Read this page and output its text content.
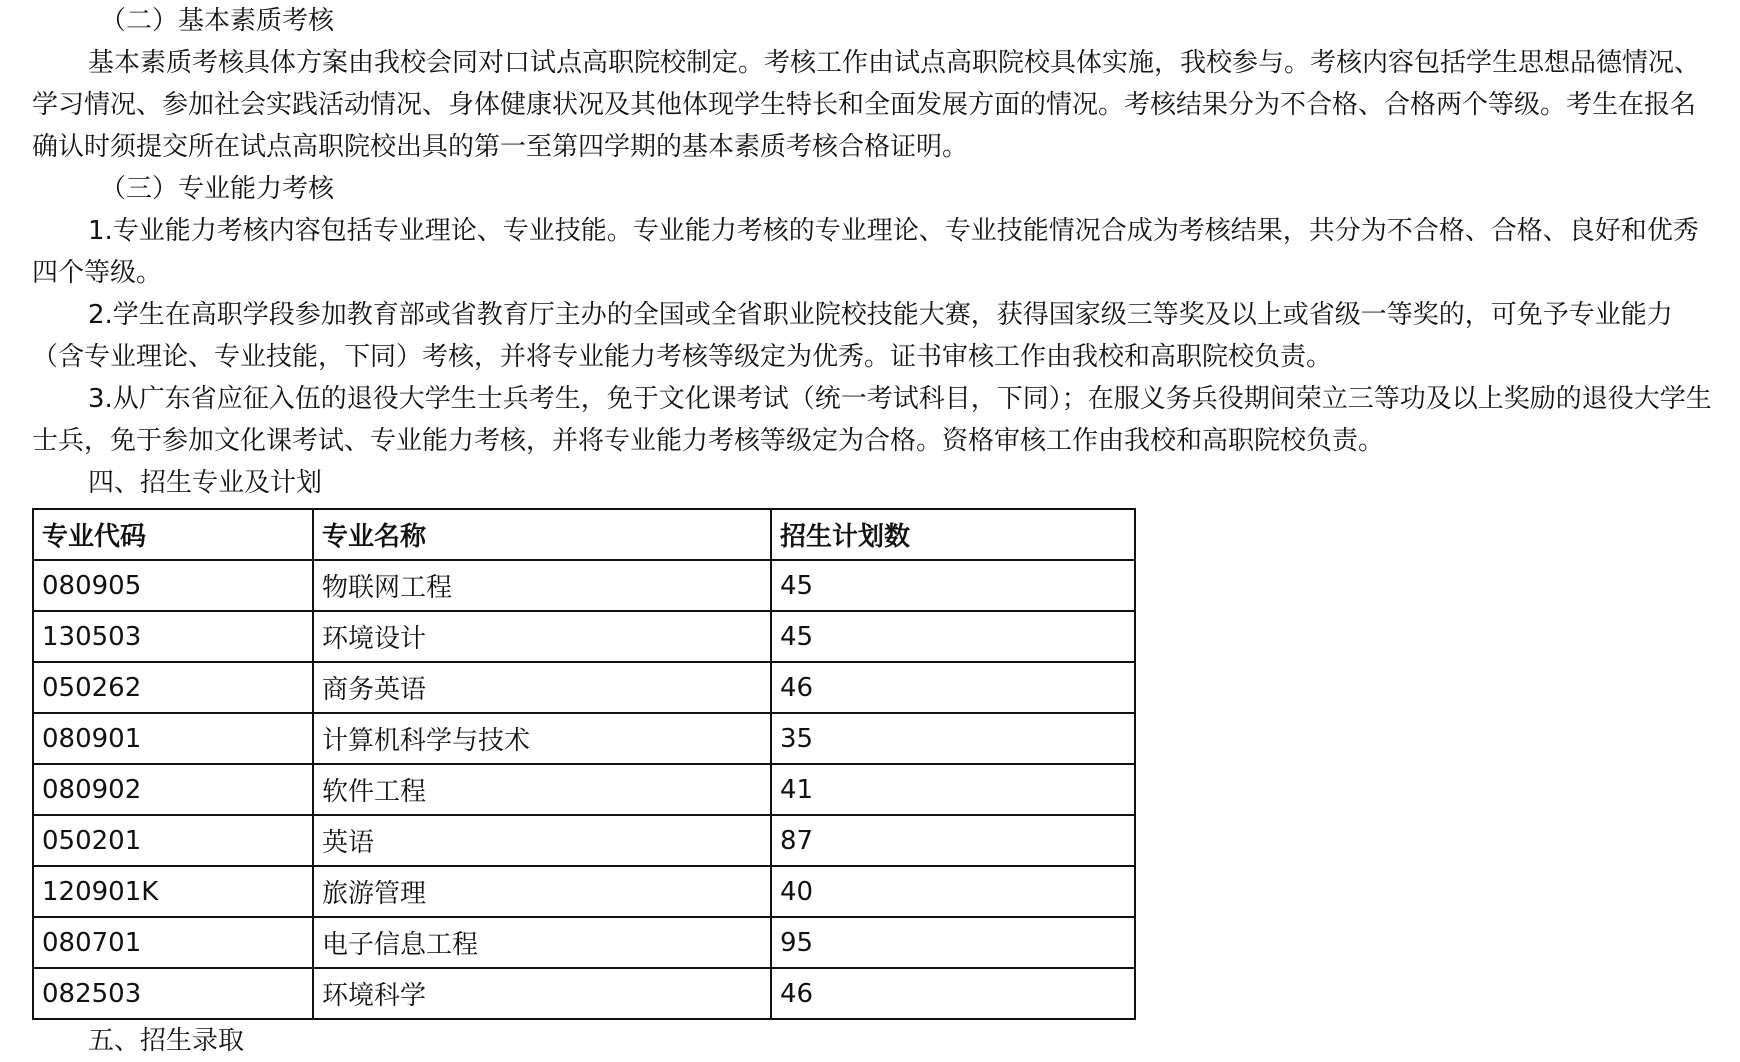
（二）基本素质考核

基本素质考核具体方案由我校会同对口试点高职院校制定。考核工作由试点高职院校具体实施，我校参与。考核内容包括学生思想品德情况、学习情况、参加社会实践活动情况、身体健康状况及其他体现学生特长和全面发展方面的情况。考核结果分为不合格、合格两个等级。考生在报名确认时须提交所在试点高职院校出具的第一至第四学期的基本素质考核合格证明。

（三）专业能力考核

1.专业能力考核内容包括专业理论、专业技能。专业能力考核的专业理论、专业技能情况合成为考核结果，共分为不合格、合格、良好和优秀四个等级。

2.学生在高职学段参加教育部或省教育厅主办的全国或全省职业院校技能大赛，获得国家级三等奖及以上或省级一等奖的，可免予专业能力（含专业理论、专业技能，下同）考核，并将专业能力考核等级定为优秀。证书审核工作由我校和高职院校负责。

3.从广东省应征入伍的退役大学生士兵考生，免于文化课考试（统一考试科目，下同）；在服义务兵役期间荣立三等功及以上奖励的退役大学生士兵，免于参加文化课考试、专业能力考核，并将专业能力考核等级定为合格。资格审核工作由我校和高职院校负责。

四、招生专业及计划
专业代码	专业名称	招生计划数
080905	物联网工程	45
130503	环境设计	45
050262	商务英语	46
080901	计算机科学与技术	35
080902	软件工程	41
050201	英语	87
120901K	旅游管理	40
080701	电子信息工程	95
082503	环境科学	46
五、招生录取
